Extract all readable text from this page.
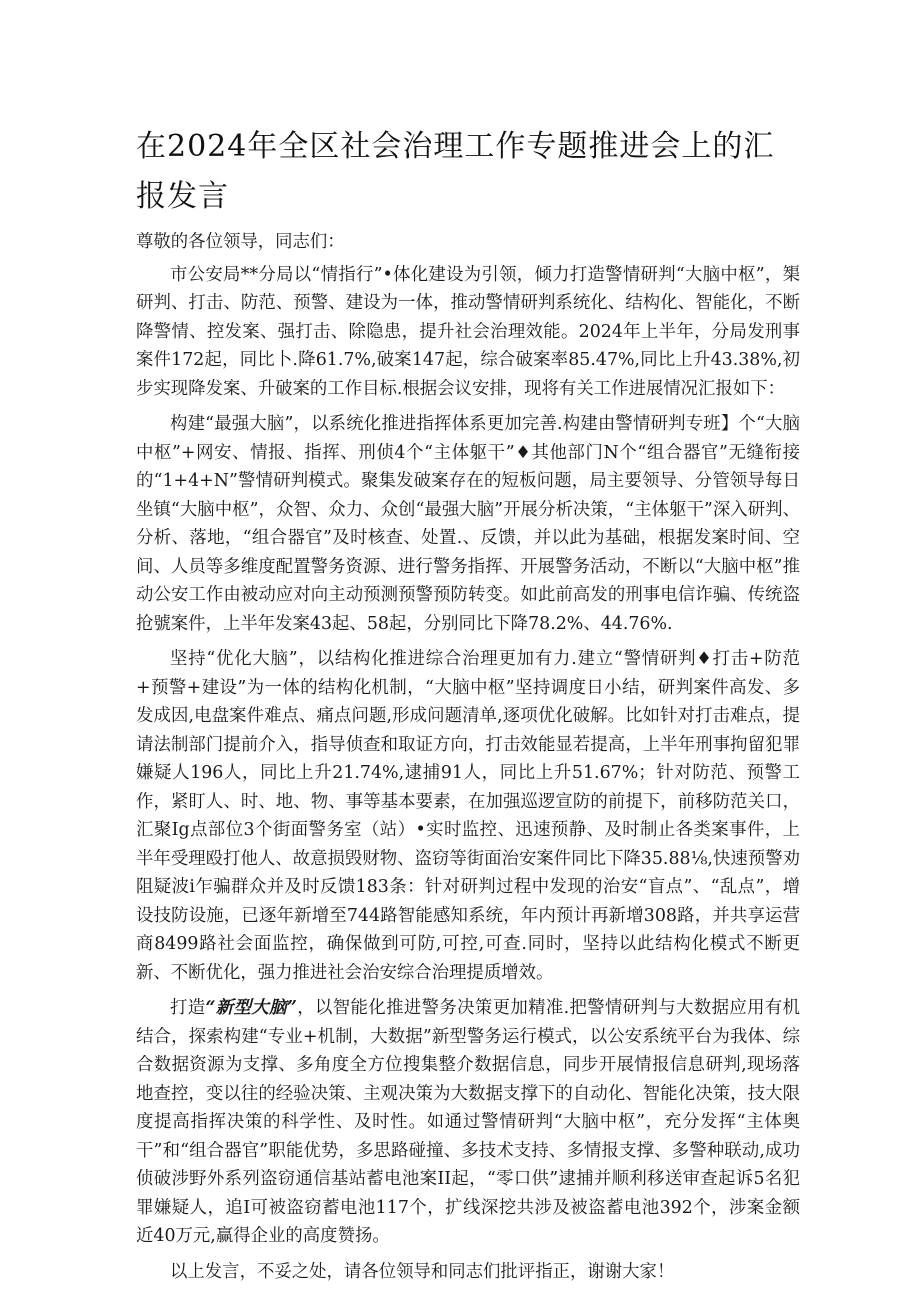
在2024年全区社会治理工作专题推进会上的汇报发言

尊敬的各位领导，同志们：

市公安局**分局以“情指行”•体化建设为引领，倾力打造警情研判“大脑中枢”，榘研判、打击、防范、预警、建设为一体，推动警情研判系统化、结构化、智能化，不断降警情、控发案、强打击、除隐患，提升社会治理效能。2024年上半年，分局发刑事案件172起，同比卜.降61.7%,破案147起，综合破案率85.47%,同比上升43.38%,初步实现降发案、升破案的工作目标.根据会议安排，现将有关工作进展情况汇报如下：

构建“最强大脑”，以系统化推进指挥体系更加完善.构建由警情研判专班】个“大脑中枢”+网安、情报、指挥、刑侦4个“主体躯干”♦其他部门N个“组合器官”无缝衔接的“1+4+N”警情研判模式。聚集发破案存在的短板问题，局主要领导、分管领导每日坐镇“大脑中枢”，众智、众力、众创“最强大脑”开展分析决策，“主体躯干”深入研判、分析、落地，“组合器官”及时核查、处置.、反馈，并以此为基础，根据发案时间、空间、人员等多维度配置警务资源、进行警务指挥、开展警务活动，不断以“大脑中枢”推动公安工作由被动应对向主动预测预警预防转变。如此前高发的刑事电信诈骗、传统盗抢號案件，上半年发案43起、58起，分别同比下降78.2%、44.76%.

坚持“优化大脑”，以结构化推进综合治理更加有力.建立“警情研判♦打击+防范+预警+建设”为一体的结构化机制，“大脑中枢”坚持调度日小结，研判案件高发、多发成因,电盘案件难点、痛点问题,形成问题清单,逐项优化破解。比如针对打击难点，提请法制部门提前介入，指导侦查和取证方向，打击效能显若提高，上半年刑事拘留犯罪嫌疑人196人，同比上升21.74%,逮捕91人，同比上升51.67%；针对防范、预警工作，紧盯人、时、地、物、事等基本要素，在加强巡逻宣防的前提下，前移防范关口，汇聚Ig点部位3个街面警务室（站）•实时监控、迅速预静、及时制止各类案事件，上半年受理殴打他人、故意损毁财物、盗窃等街面治安案件同比下降35.88⅛,快速预警劝阻疑波i乍骗群众并及时反馈183条：针对研判过程中发现的治安“盲点”、“乱点”，增设技防设施，已逐年新增至744路智能感知系统，年内预计再新增308路，并共享运营商8499路社会面监控，确保做到可防,可控,可查.同时，坚持以此结构化模式不断更新、不断优化，强力推进社会治安综合治理提质增效。

打造“新型大脑”，以智能化推进警务决策更加精准.把警情研判与大数据应用有机结合，探索构建“专业+机制，大数据”新型警务运行模式，以公安系统平台为我体、综合数据资源为支撑、多角度全方位搜集整介数据信息，同步开展情报信息研判,现场落地查控，变以往的经验决策、主观决策为大数据支撑下的自动化、智能化决策，技大限度提高指挥决策的科学性、及时性。如通过警情研判“大脑中枢”，充分发挥“主体奥干”和“组合器官”职能优势，多思路碰撞、多技术支持、多情报支撑、多警种联动,成功侦破涉野外系列盗窃通信基站蓄电池案II起，“零口供”逮捕并顺利移送审查起诉5名犯罪嫌疑人，追I可被盗窃蓄电池117个，扩线深挖共涉及被盗蓄电池392个，涉案金额近40万元,赢得企业的高度赞扬。

以上发言，不妥之处，请各位领导和同志们批评指正，谢谢大家！
